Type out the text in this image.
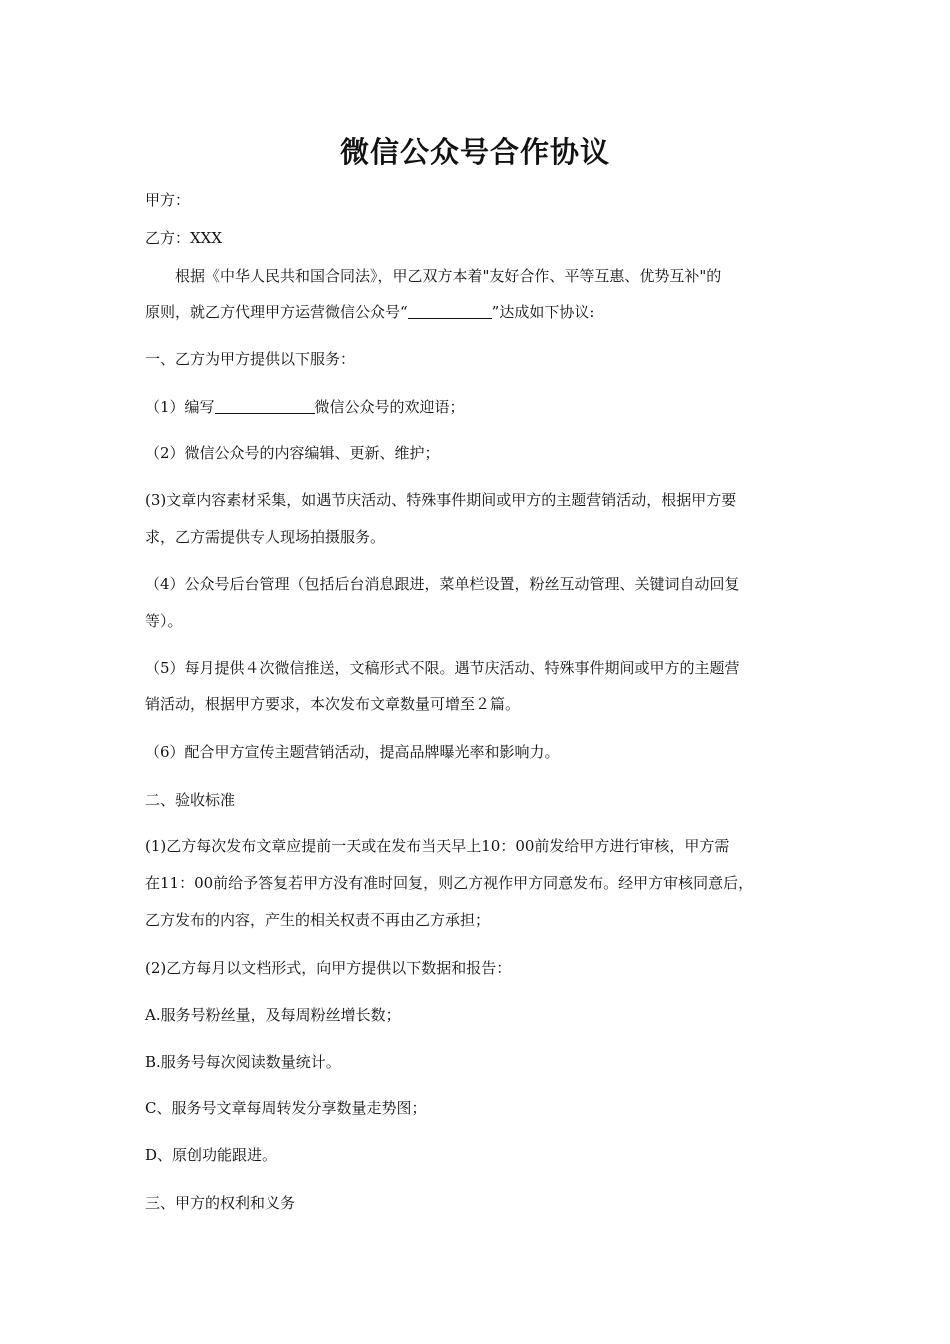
微信公众号合作协议
甲方：
乙方：XXX
根据《中华人民共和国合同法》，甲乙双方本着"友好合作、平等互惠、优势互补"的
原则，就乙方代理甲方运营微信公众号“	”达成如下协议:
一、乙方为甲方提供以下服务：
（1）编写	微信公众号的欢迎语；
（2）微信公众号的内容编辑、更新、维护；
(3)文章内容素材采集，如遇节庆活动、特殊事件期间或甲方的主题营销活动，根据甲方要
求，乙方需提供专人现场拍摄服务。
（4）公众号后台管理（包括后台消息跟进，菜单栏设置，粉丝互动管理、关键词自动回复
等）。
（5）每月提供４次微信推送，文稿形式不限。遇节庆活动、特殊事件期间或甲方的主题营
销活动，根据甲方要求，本次发布文章数量可增至２篇。
（6）配合甲方宣传主题营销活动，提高品牌曝光率和影响力。
二、验收标准
(1)乙方每次发布文章应提前一天或在发布当天早上10：00前发给甲方进行审核，甲方需
在11：00前给予答复若甲方没有准时回复，则乙方视作甲方同意发布。经甲方审核同意后，
乙方发布的内容，产生的相关权责不再由乙方承担；
(2)乙方每月以文档形式，向甲方提供以下数据和报告：
A.服务号粉丝量，及每周粉丝增长数；
B.服务号每次阅读数量统计。
C、服务号文章每周转发分享数量走势图；
D、原创功能跟进。
三、甲方的权利和义务
